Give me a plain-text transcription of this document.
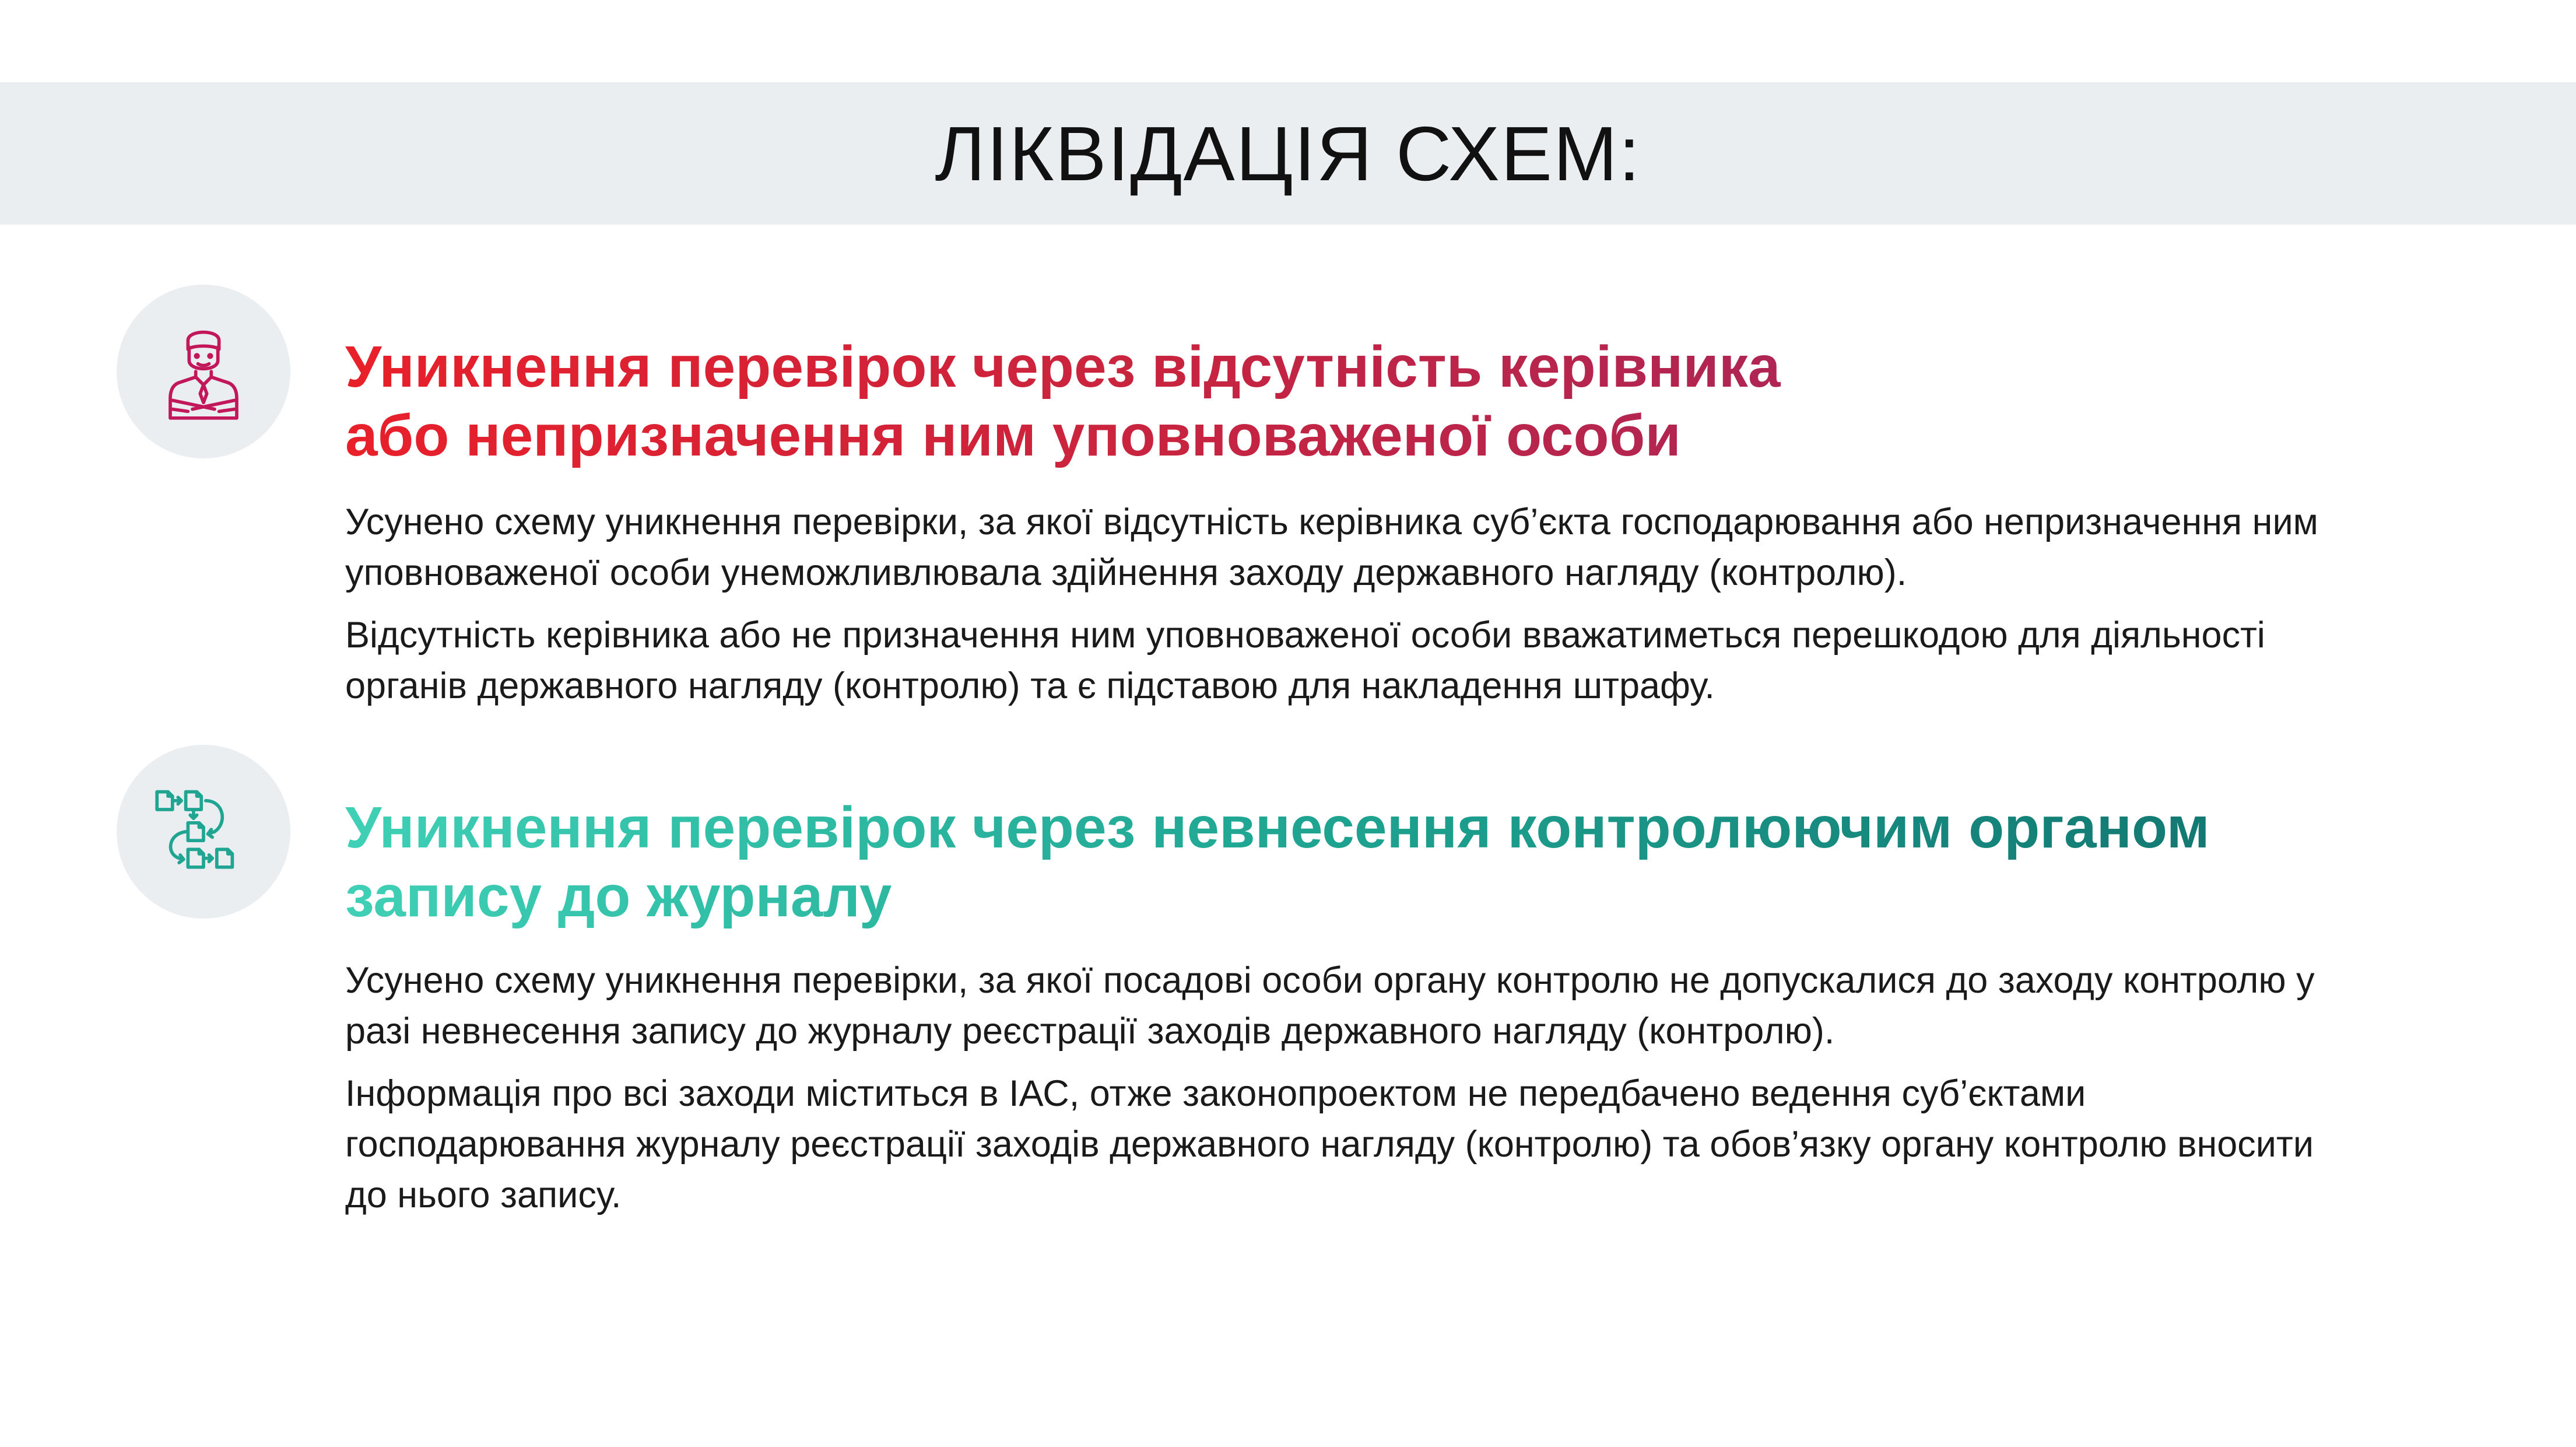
ЛІКВІДАЦІЯ СХЕМ:
Уникнення перевірок через відсутність керівника
або непризначення ним уповноваженої особи

Усунено схему уникнення перевірки, за якої відсутність керівника суб’єкта господарювання або непризначення ним
уповноваженої особи унеможливлювала здійнення заходу державного нагляду (контролю).

Відсутність керівника або не призначення ним уповноваженої особи вважатиметься перешкодою для діяльності
органів державного нагляду (контролю) та є підставою для накладення штрафу.

Уникнення перевірок через невнесення контролюючим органом
запису до журналу

Усунено схему уникнення перевірки, за якої посадові особи органу контролю не допускалися до заходу контролю у
разі невнесення запису до журналу реєстрації заходів державного нагляду (контролю).

Інформація про всі заходи міститься в ІАС, отже законопроектом не передбачено ведення суб’єктами
господарювання журналу реєстрації заходів державного нагляду (контролю) та обов’язку органу контролю вносити
до нього запису.
